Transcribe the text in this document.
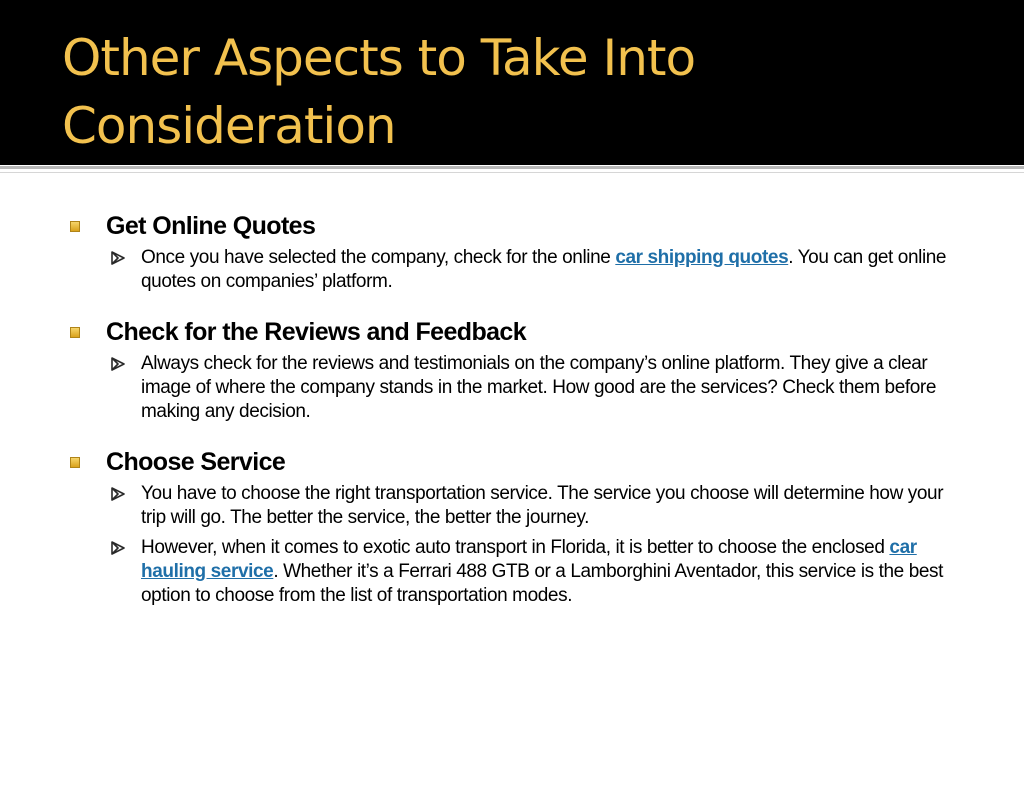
Other Aspects to Take Into Consideration
Get Online Quotes
Once you have selected the company, check for the online car shipping quotes. You can get online quotes on companies’ platform.
Check for the Reviews and Feedback
Always check for the reviews and testimonials on the company’s online platform. They give a clear image of where the company stands in the market. How good are the services? Check them before making any decision.
Choose Service
You have to choose the right transportation service. The service you choose will determine how your trip will go. The better the service, the better the journey.
However, when it comes to exotic auto transport in Florida, it is better to choose the enclosed car hauling service. Whether it’s a Ferrari 488 GTB or a Lamborghini Aventador, this service is the best option to choose from the list of transportation modes.
